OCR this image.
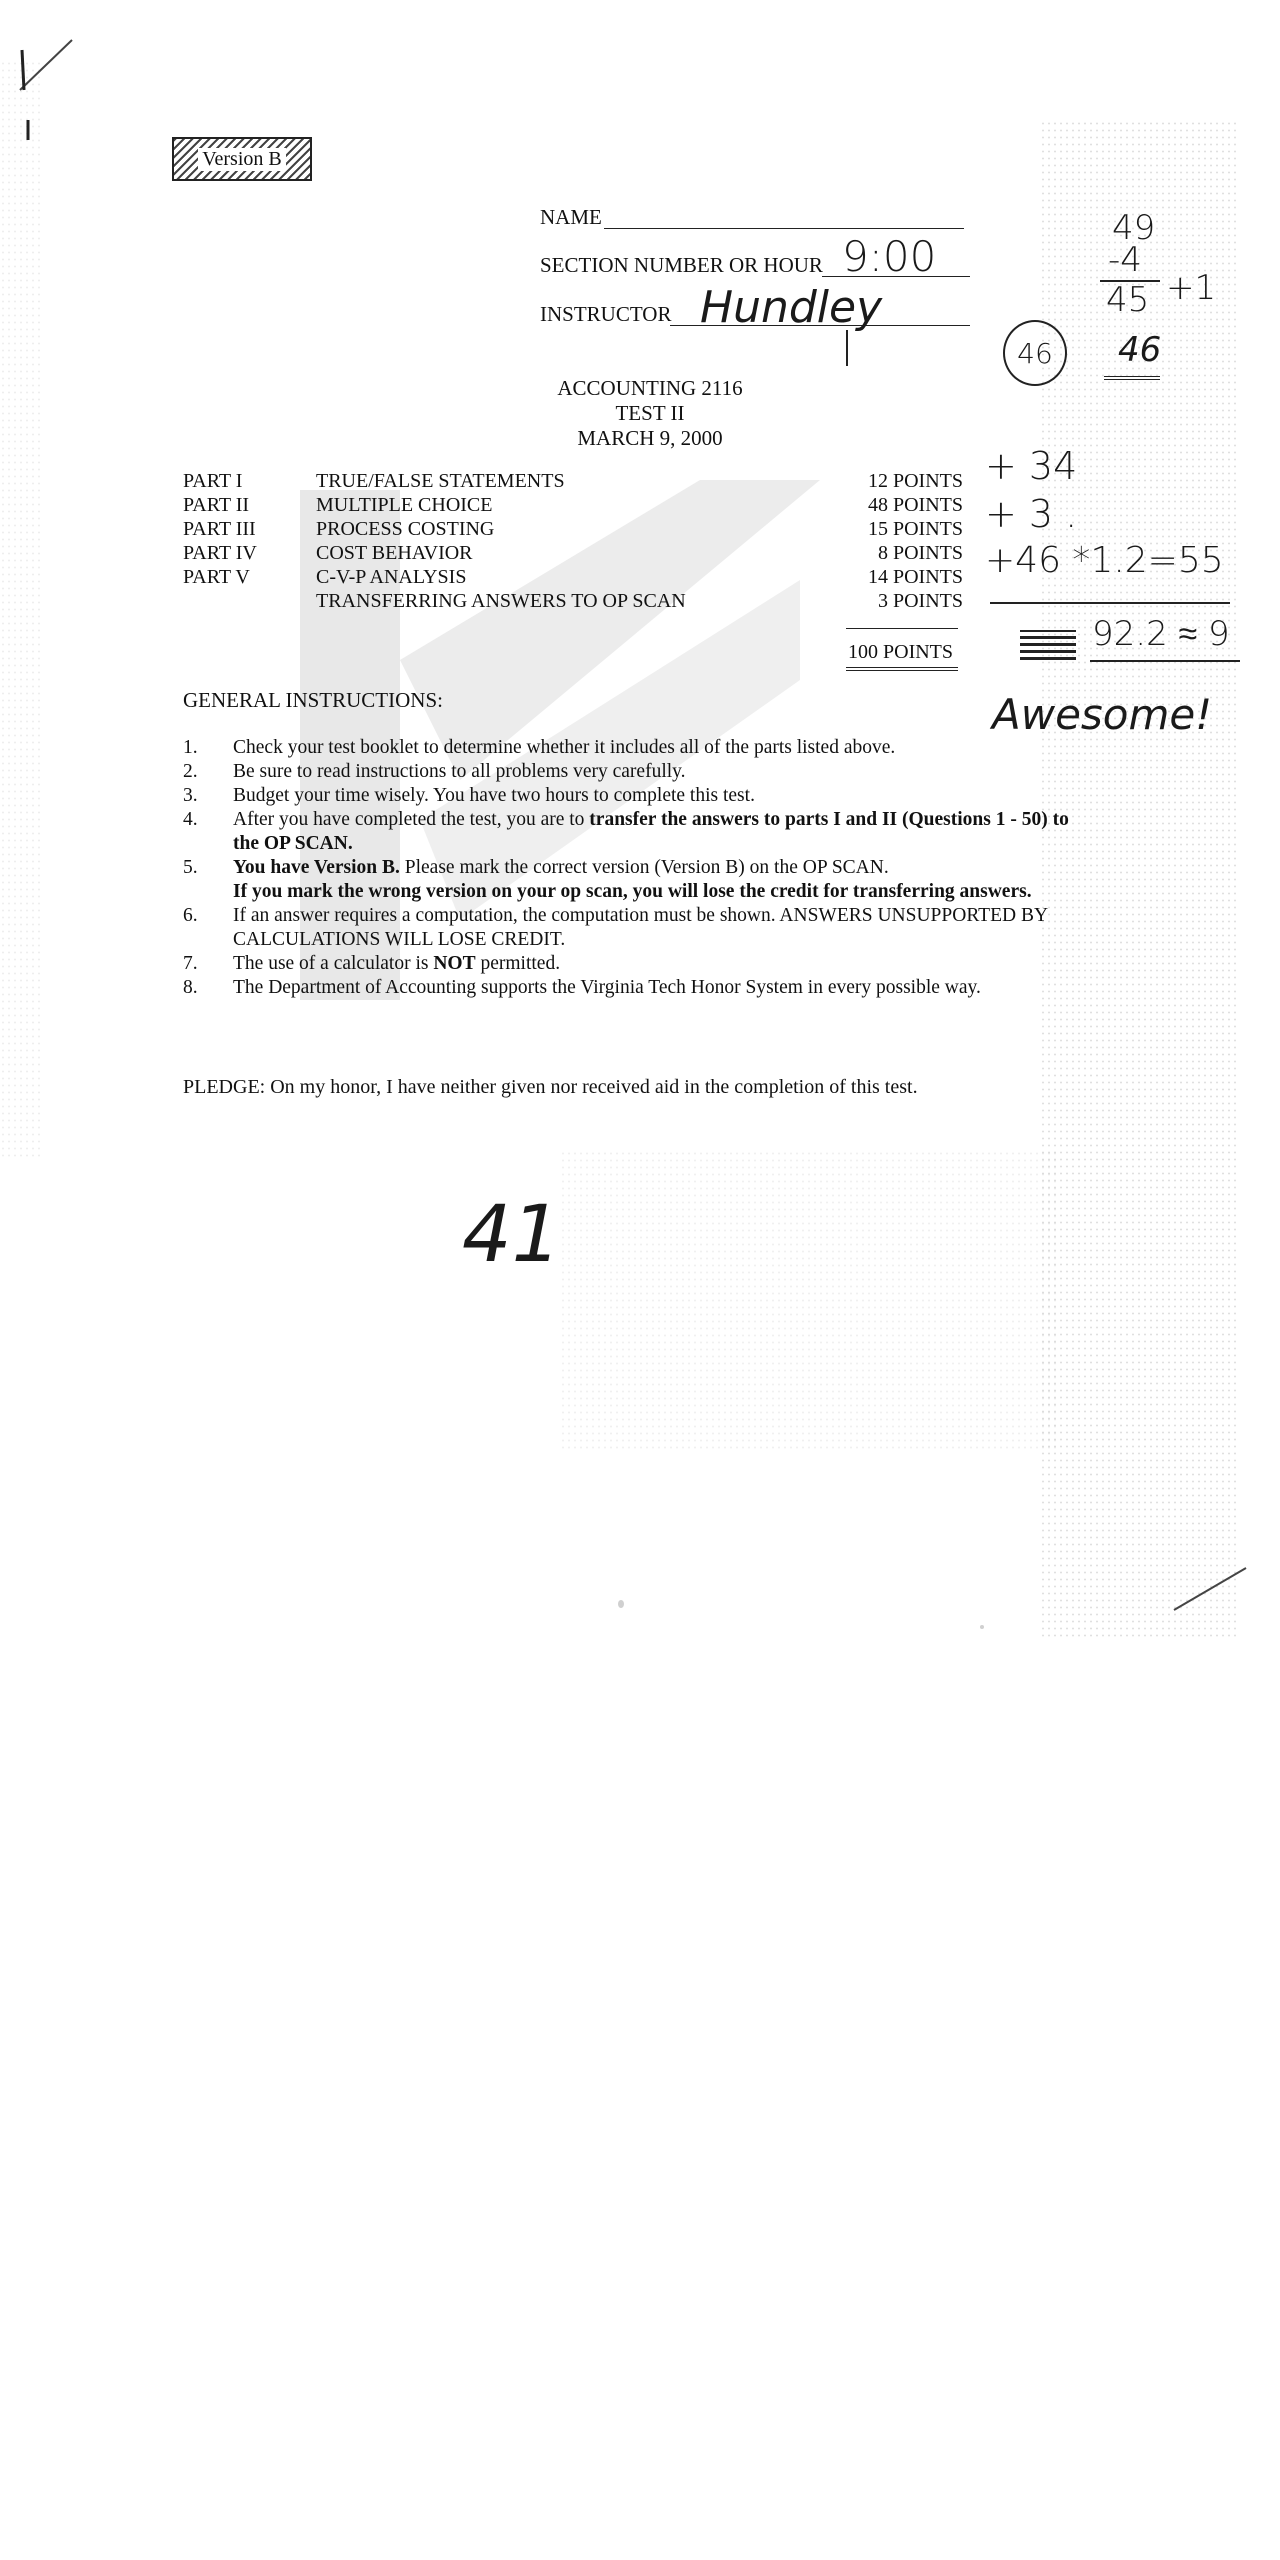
Version B
NAME
SECTION NUMBER OR HOUR 9:00
INSTRUCTOR Hundley
ACCOUNTING 2116
TEST II
MARCH 9, 2000
PART I	TRUE/FALSE STATEMENTS	12 POINTS
PART II	MULTIPLE CHOICE	48 POINTS
PART III	PROCESS COSTING	15 POINTS
PART IV	COST BEHAVIOR	8 POINTS
PART V	C-V-P ANALYSIS	14 POINTS
TRANSFERRING ANSWERS TO OP SCAN	3 POINTS
100 POINTS
GENERAL INSTRUCTIONS:
1.	Check your test booklet to determine whether it includes all of the parts listed above.
2.	Be sure to read instructions to all problems very carefully.
3.	Budget your time wisely. You have two hours to complete this test.
4.	After you have completed the test, you are to transfer the answers to parts I and II (Questions 1 - 50) to the OP SCAN.
5.	You have Version B. Please mark the correct version (Version B) on the OP SCAN.
If you mark the wrong version on your op scan, you will lose the credit for transferring answers.
6.	If an answer requires a computation, the computation must be shown. ANSWERS UNSUPPORTED BY CALCULATIONS WILL LOSE CREDIT.
7.	The use of a calculator is NOT permitted.
8.	The Department of Accounting supports the Virginia Tech Honor System in every possible way.
PLEDGE: On my honor, I have neither given nor received aid in the completion of this test.
49
-4
45 +1
46
46
+ 34
+ 3 .
+46 *1.2=55
92.2 ≈ 9
Awesome!
41
